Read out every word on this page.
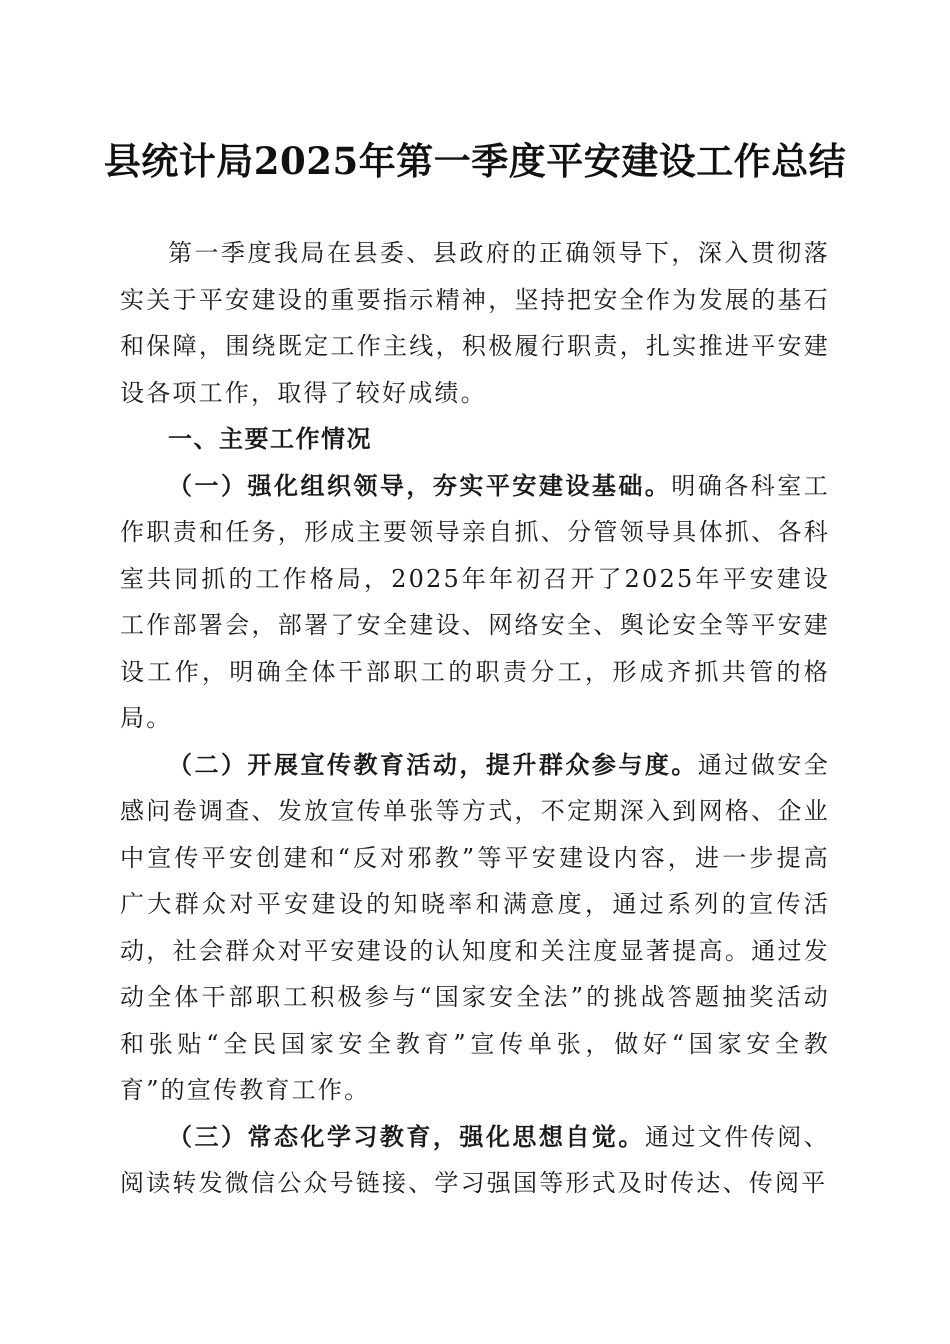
县统计局2025年第一季度平安建设工作总结

第一季度我局在县委、县政府的正确领导下，深入贯彻落实关于平安建设的重要指示精神，坚持把安全作为发展的基石和保障，围绕既定工作主线，积极履行职责，扎实推进平安建设各项工作，取得了较好成绩。

一、主要工作情况

（一）强化组织领导，夯实平安建设基础。明确各科室工作职责和任务，形成主要领导亲自抓、分管领导具体抓、各科室共同抓的工作格局，2025年年初召开了2025年平安建设工作部署会，部署了安全建设、网络安全、舆论安全等平安建设工作，明确全体干部职工的职责分工，形成齐抓共管的格局。

（二）开展宣传教育活动，提升群众参与度。通过做安全感问卷调查、发放宣传单张等方式，不定期深入到网格、企业中宣传平安创建和“反对邪教”等平安建设内容，进一步提高广大群众对平安建设的知晓率和满意度，通过系列的宣传活动，社会群众对平安建设的认知度和关注度显著提高。通过发动全体干部职工积极参与“国家安全法”的挑战答题抽奖活动和张贴“全民国家安全教育”宣传单张，做好“国家安全教育”的宣传教育工作。

（三）常态化学习教育，强化思想自觉。通过文件传阅、阅读转发微信公众号链接、学习强国等形式及时传达、传阅平
